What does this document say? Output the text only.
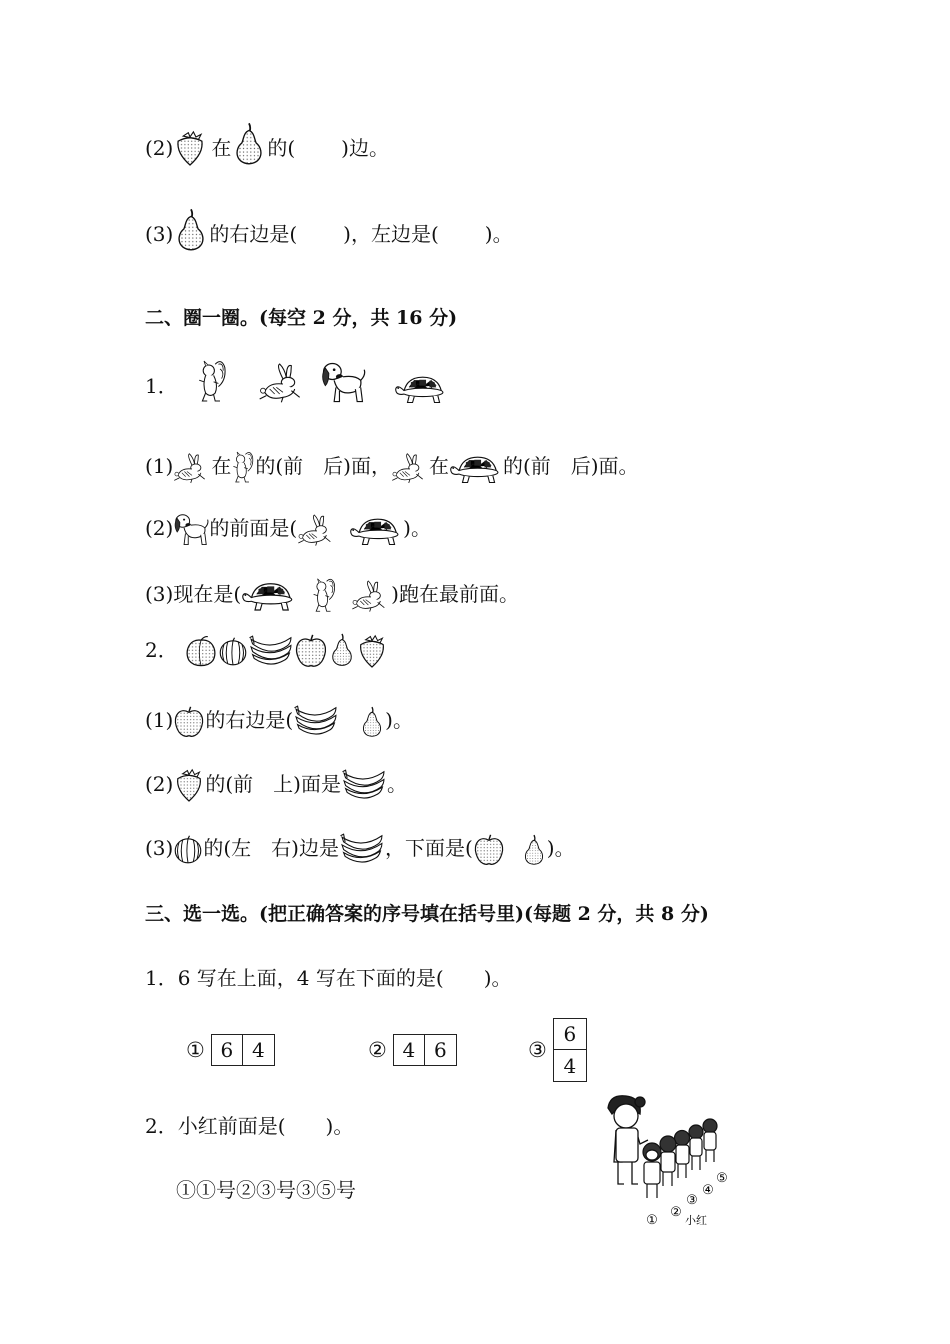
(2) 在 的( )边。
(3) 的右边是( )，左边是( )。
二、圈一圈。(每空 2 分，共 16 分)
1．
(1) 在 的(前　后)面， 在	的(前　后)面。
(2) 的前面是(	)。
(3)现在是(	)跑在最前面。
2．
(1) 的右边是(	)。
(2) 的(前　上)面是 。
(3) 的(左　右)边是 ，下面是(	)。
三、选一选。(把正确答案的序号填在括号里)(每题 2 分，共 8 分)
1．6 写在上面，4 写在下面的是(　　)。
① 6 4	② 4 6	③
6
4
2．小红前面是(　　)。
①①号②③号③⑤号
①
②
③
④
⑤
小红
